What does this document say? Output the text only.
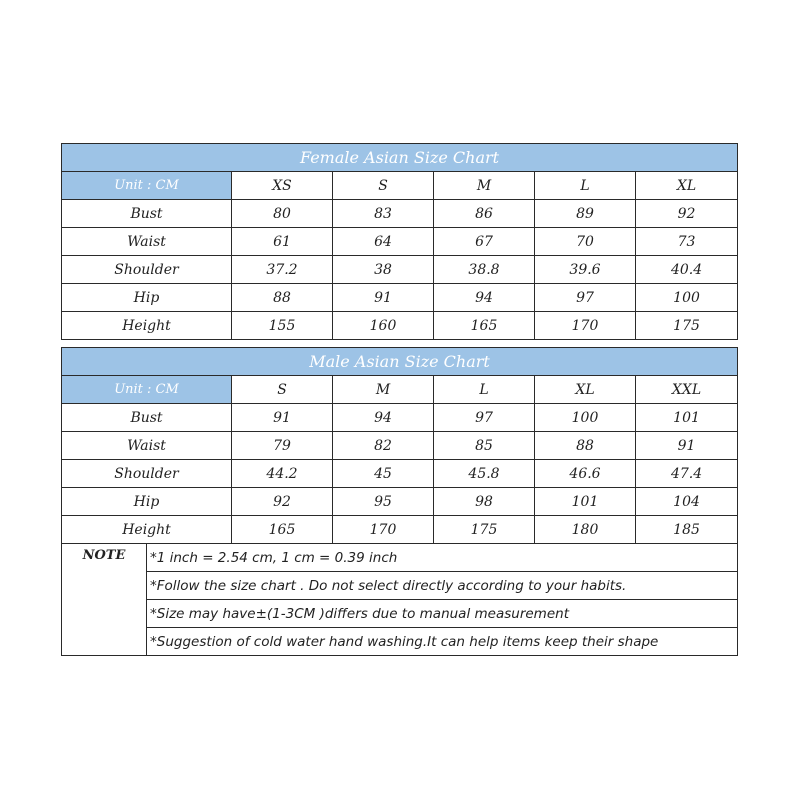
Female Asian Size Chart					
Unit : CM	XS	S	M	L	XL
Bust	80	83	86	89	92
Waist	61	64	67	70	73
Shoulder	37.2	38	38.8	39.6	40.4
Hip	88	91	94	97	100
Height	155	160	165	170	175
Male Asian Size Chart					
Unit : CM	S	M	L	XL	XXL
Bust	91	94	97	100	101
Waist	79	82	85	88	91
Shoulder	44.2	45	45.8	46.6	47.4
Hip	92	95	98	101	104
Height	165	170	175	180	185
NOTE	*1 inch = 2.54 cm, 1 cm = 0.39 inch
*Follow the size chart . Do not select directly according to your habits.
*Size may have±(1-3CM )differs due to manual measurement
*Suggestion of cold water hand washing.It can help items keep their shape
